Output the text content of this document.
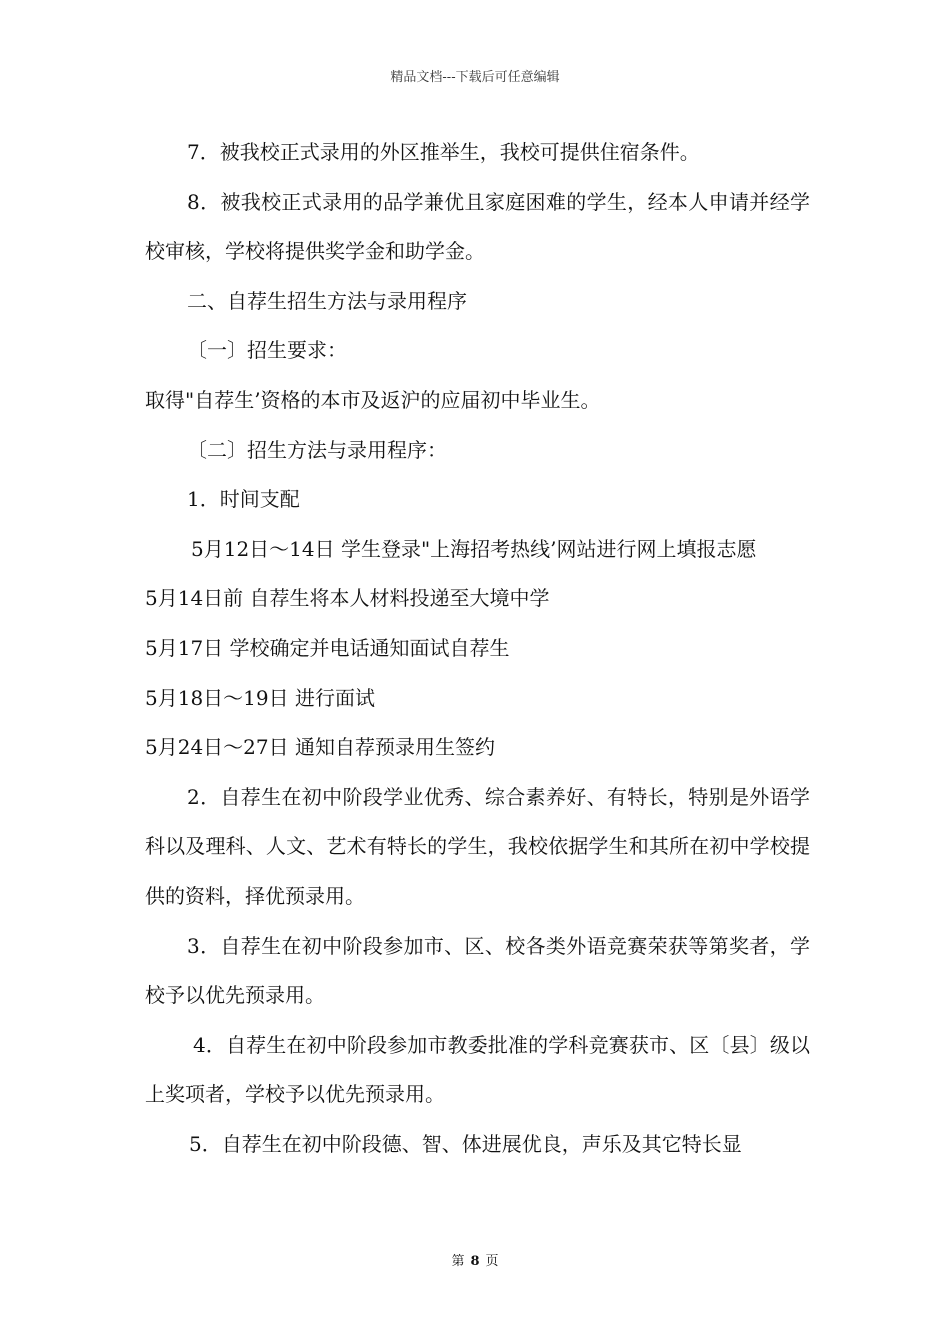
精品文档---下载后可任意编辑

7．被我校正式录用的外区推举生，我校可提供住宿条件。

8．被我校正式录用的品学兼优且家庭困难的学生，经本人申请并经学校审核，学校将提供奖学金和助学金。

二、自荐生招生方法与录用程序

〔一〕招生要求：

取得"自荐生’资格的本市及返沪的应届初中毕业生。

〔二〕招生方法与录用程序：

1．时间支配

5月12日～14日 学生登录"上海招考热线’网站进行网上填报志愿

5月14日前 自荐生将本人材料投递至大境中学

5月17日 学校确定并电话通知面试自荐生

5月18日～19日 进行面试

5月24日～27日 通知自荐预录用生签约

2．自荐生在初中阶段学业优秀、综合素养好、有特长，特别是外语学科以及理科、人文、艺术有特长的学生，我校依据学生和其所在初中学校提供的资料，择优预录用。

3．自荐生在初中阶段参加市、区、校各类外语竞赛荣获等第奖者，学校予以优先预录用。

4．自荐生在初中阶段参加市教委批准的学科竞赛获市、区〔县〕级以上奖项者，学校予以优先预录用。

5．自荐生在初中阶段德、智、体进展优良，声乐及其它特长显

第 8 页
